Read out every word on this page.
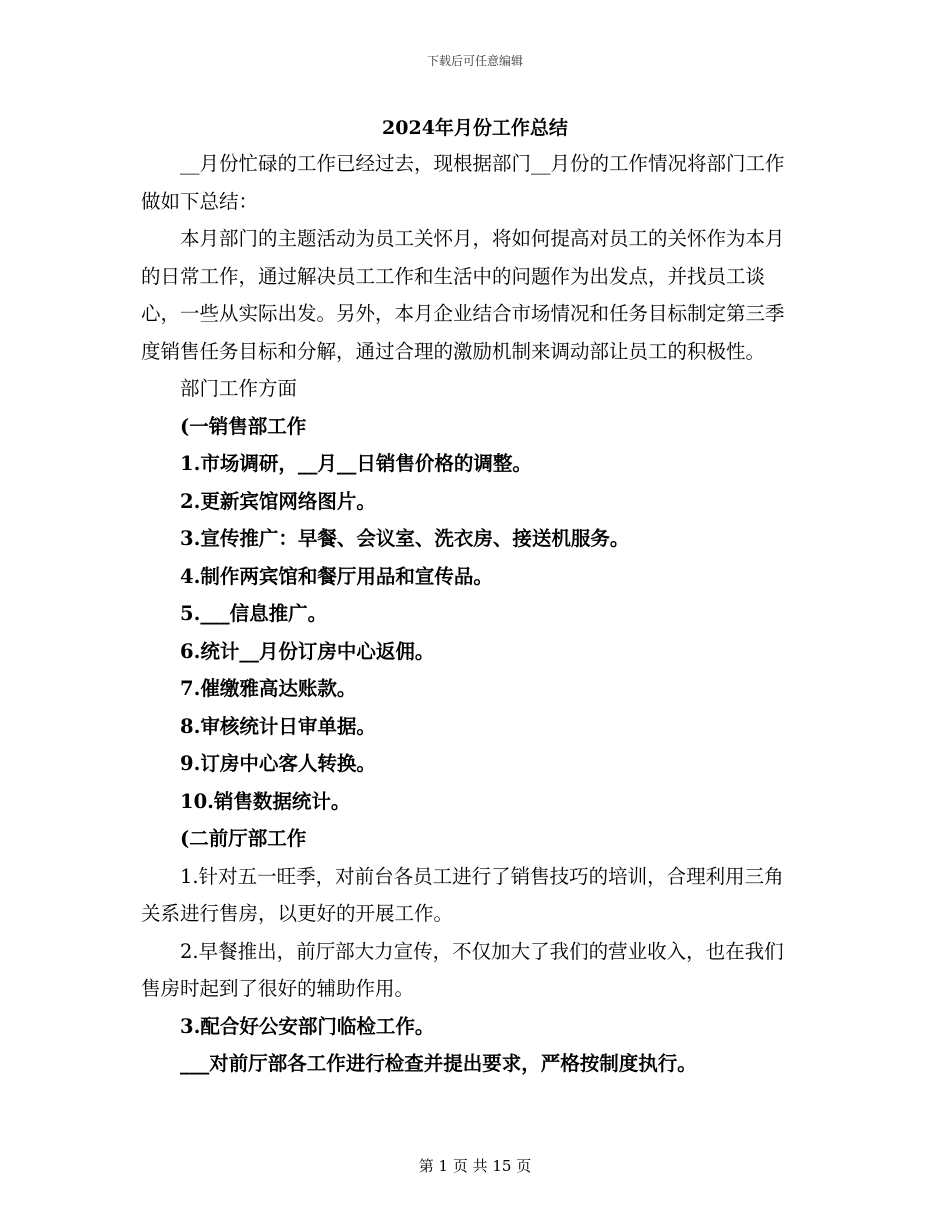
下载后可任意编辑
2024年月份工作总结

__月份忙碌的工作已经过去，现根据部门__月份的工作情况将部门工作做如下总结：

本月部门的主题活动为员工关怀月，将如何提高对员工的关怀作为本月的日常工作，通过解决员工工作和生活中的问题作为出发点，并找员工谈心，一些从实际出发。另外，本月企业结合市场情况和任务目标制定第三季度销售任务目标和分解，通过合理的激励机制来调动部让员工的积极性。

部门工作方面

(一销售部工作

1.市场调研，__月__日销售价格的调整。

2.更新宾馆网络图片。

3.宣传推广：早餐、会议室、洗衣房、接送机服务。

4.制作两宾馆和餐厅用品和宣传品。

5.___信息推广。

6.统计__月份订房中心返佣。

7.催缴雅高达账款。

8.审核统计日审单据。

9.订房中心客人转换。

10.销售数据统计。

(二前厅部工作

1.针对五一旺季，对前台各员工进行了销售技巧的培训，合理利用三角关系进行售房，以更好的开展工作。

2.早餐推出，前厅部大力宣传，不仅加大了我们的营业收入，也在我们售房时起到了很好的辅助作用。

3.配合好公安部门临检工作。

___对前厅部各工作进行检查并提出要求，严格按制度执行。

第 1 页 共 15 页
